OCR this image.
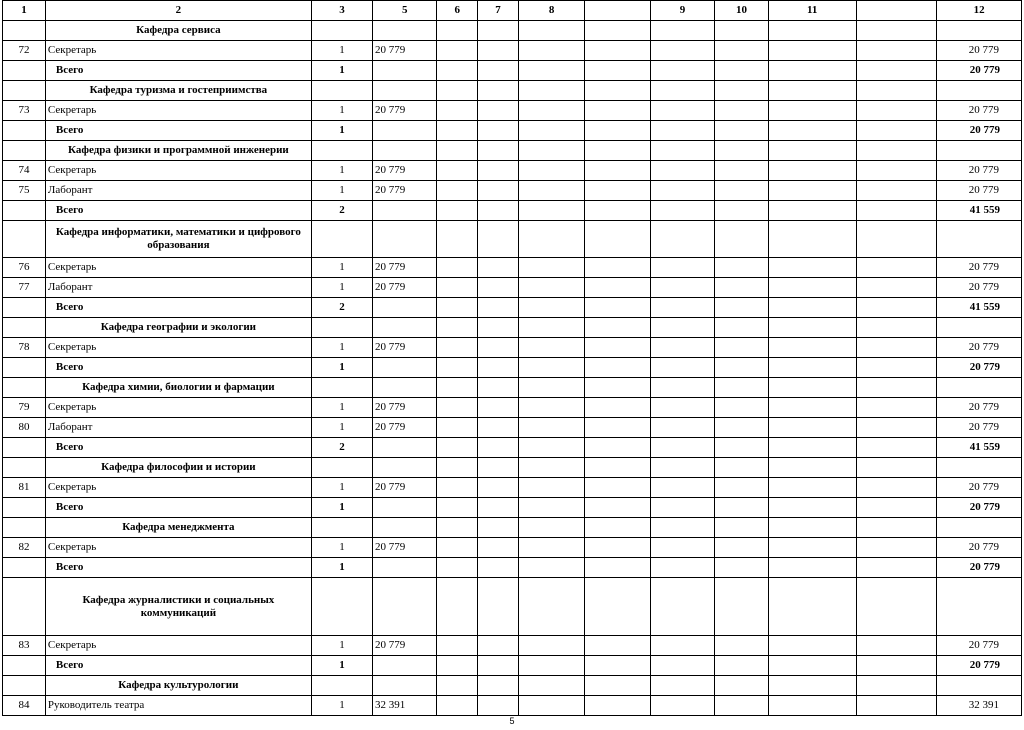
1	2	3	5	6	7	8		9	10	11		12
	Кафедра сервиса											
72	Секретарь	1	20 779									20 779
	Всего	1										20 779
	Кафедра туризма и гостеприимства											
73	Секретарь	1	20 779									20 779
	Всего	1										20 779
	Кафедра физики и программной инженерии											
74	Секретарь	1	20 779									20 779
75	Лаборант	1	20 779									20 779
	Всего	2										41 559
	Кафедра информатики, математики и цифрового образования											
76	Секретарь	1	20 779									20 779
77	Лаборант	1	20 779									20 779
	Всего	2										41 559
	Кафедра географии и экологии											
78	Секретарь	1	20 779									20 779
	Всего	1										20 779
	Кафедра химии, биологии и фармации											
79	Секретарь	1	20 779									20 779
80	Лаборант	1	20 779									20 779
	Всего	2										41 559
	Кафедра философии и истории											
81	Секретарь	1	20 779									20 779
	Всего	1										20 779
	Кафедра менеджмента											
82	Секретарь	1	20 779									20 779
	Всего	1										20 779
	Кафедра журналистики и социальных коммуникаций											
83	Секретарь	1	20 779									20 779
	Всего	1										20 779
	Кафедра культурологии											
84	Руководитель театра	1	32 391									32 391
5
